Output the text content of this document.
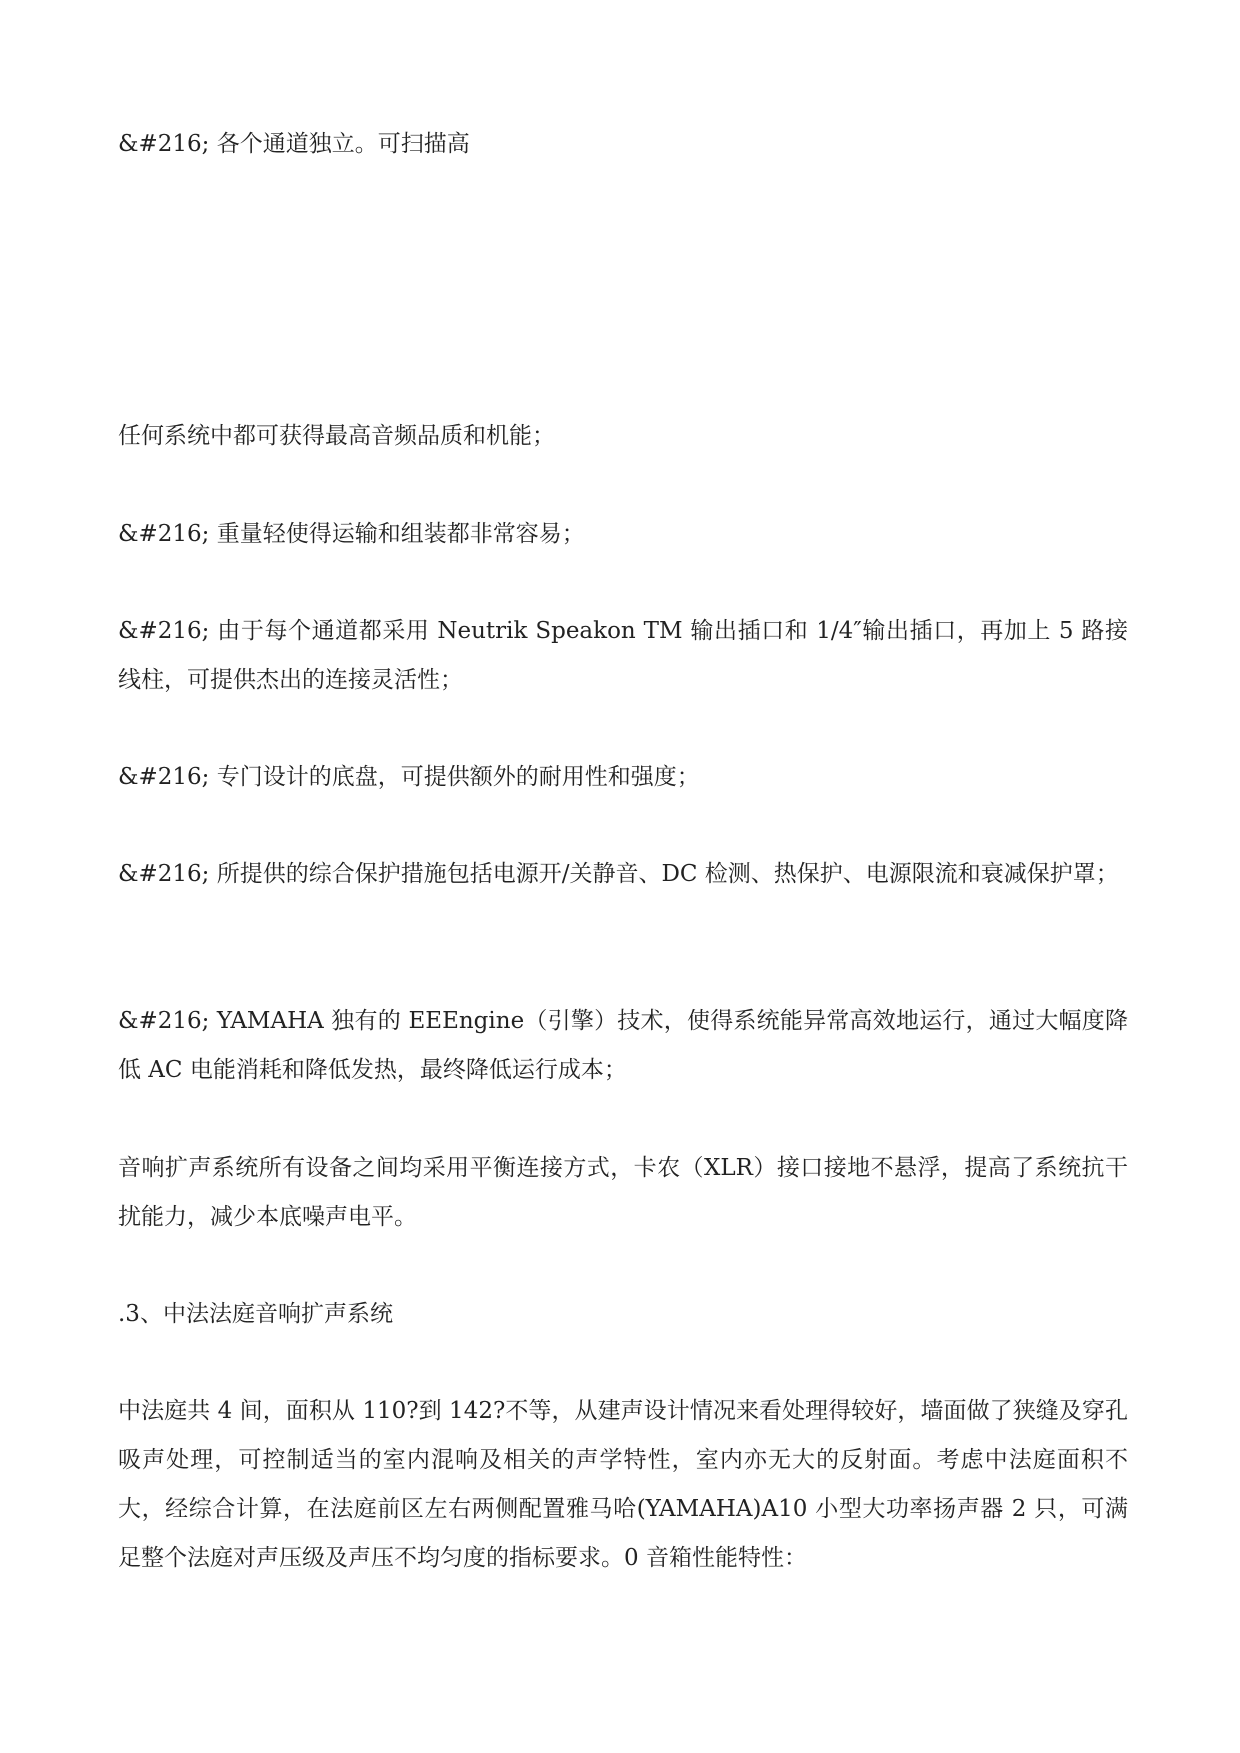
&#216; 各个通道独立。可扫描高

任何系统中都可获得最高音频品质和机能；

&#216; 重量轻使得运输和组装都非常容易；

&#216; 由于每个通道都采用 Neutrik Speakon TM 输出插口和 1/4″输出插口，再加上 5 路接线柱，可提供杰出的连接灵活性；

&#216; 专门设计的底盘，可提供额外的耐用性和强度；

&#216; 所提供的综合保护措施包括电源开/关静音、DC 检测、热保护、电源限流和衰减保护罩；

&#216; YAMAHA 独有的 EEEngine（引擎）技术，使得系统能异常高效地运行，通过大幅度降低 AC 电能消耗和降低发热，最终降低运行成本；

音响扩声系统所有设备之间均采用平衡连接方式，卡农（XLR）接口接地不悬浮，提高了系统抗干扰能力，减少本底噪声电平。

.3、中法法庭音响扩声系统

中法庭共 4 间，面积从 110?到 142?不等，从建声设计情况来看处理得较好，墙面做了狭缝及穿孔吸声处理，可控制适当的室内混响及相关的声学特性，室内亦无大的反射面。考虑中法庭面积不大，经综合计算，在法庭前区左右两侧配置雅马哈(YAMAHA)A10 小型大功率扬声器 2 只，可满足整个法庭对声压级及声压不均匀度的指标要求。0 音箱性能特性：
